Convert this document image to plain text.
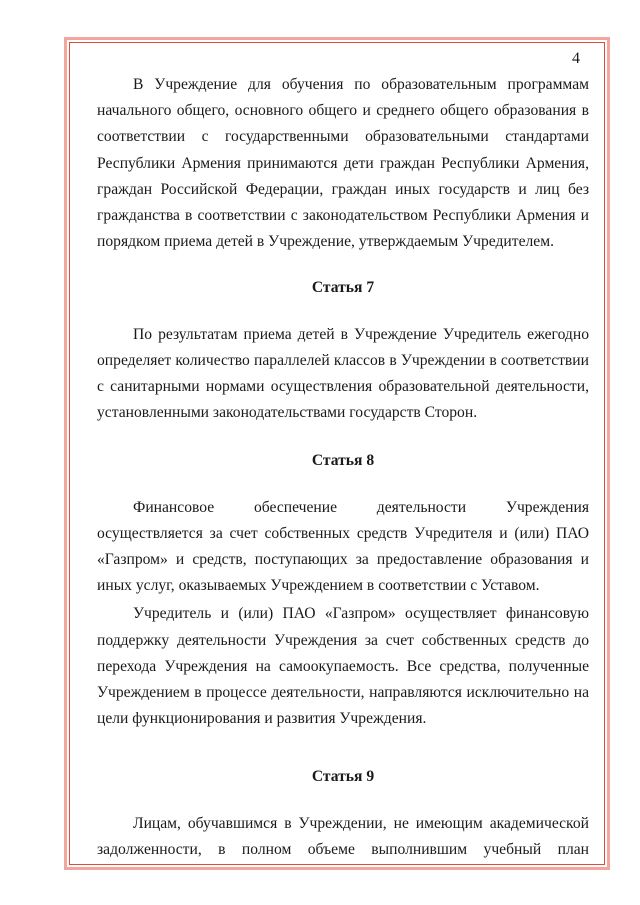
4

В Учреждение для обучения по образовательным программам начального общего, основного общего и среднего общего образования в соответствии с государственными образовательными стандартами Республики Армения принимаются дети граждан Республики Армения, граждан Российской Федерации, граждан иных государств и лиц без гражданства в соответствии с законодательством Республики Армения и порядком приема детей в Учреждение, утверждаемым Учредителем.

Статья 7

По результатам приема детей в Учреждение Учредитель ежегодно определяет количество параллелей классов в Учреждении в соответствии с санитарными нормами осуществления образовательной деятельности, установленными законодательствами государств Сторон.

Статья 8

Финансовое обеспечение деятельности Учреждения осуществляется за счет собственных средств Учредителя и (или) ПАО «Газпром» и средств, поступающих за предоставление образования и иных услуг, оказываемых Учреждением в соответствии с Уставом.

Учредитель и (или) ПАО «Газпром» осуществляет финансовую поддержку деятельности Учреждения за счет собственных средств до перехода Учреждения на самоокупаемость. Все средства, полученные Учреждением в процессе деятельности, направляются исключительно на цели функционирования и развития Учреждения.

Статья 9

Лицам, обучавшимся в Учреждении, не имеющим академической задолженности, в полном объеме выполнившим учебный план
